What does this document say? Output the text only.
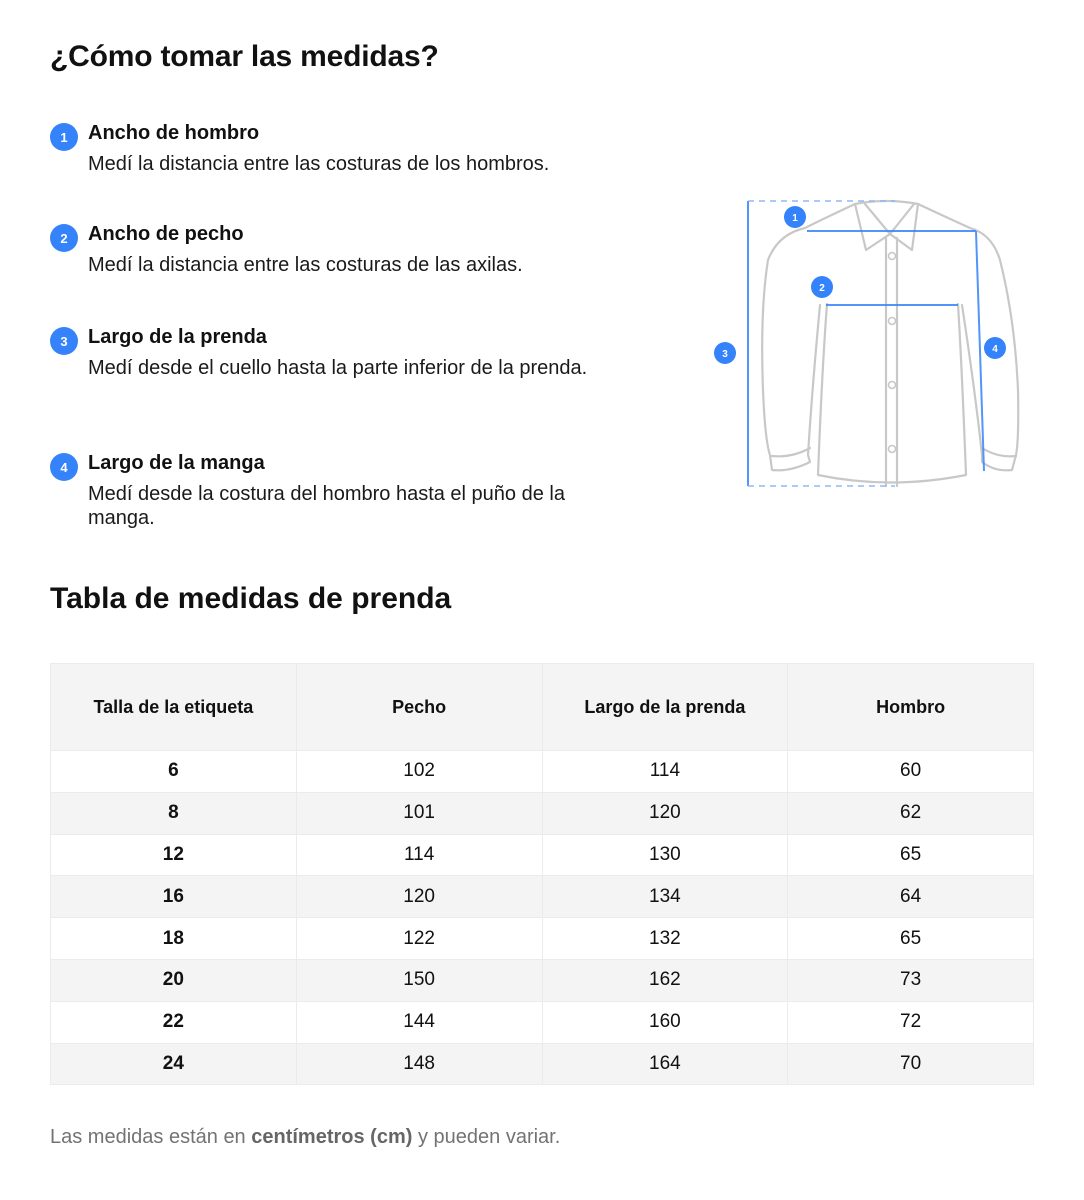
¿Cómo tomar las medidas?
1	Ancho de hombro
Medí la distancia entre las costuras de los hombros.
2	Ancho de pecho
Medí la distancia entre las costuras de las axilas.
3	Largo de la prenda
Medí desde el cuello hasta la parte inferior de la prenda.
4	Largo de la manga
Medí desde la costura del hombro hasta el puño de la manga.
1
2
3	4
Tabla de medidas de prenda
Talla de la etiqueta	Pecho	Largo de la prenda	Hombro
6	102	114	60
8	101	120	62
12	114	130	65
16	120	134	64
18	122	132	65
20	150	162	73
22	144	160	72
24	148	164	70

Las medidas están en centímetros (cm) y pueden variar.
